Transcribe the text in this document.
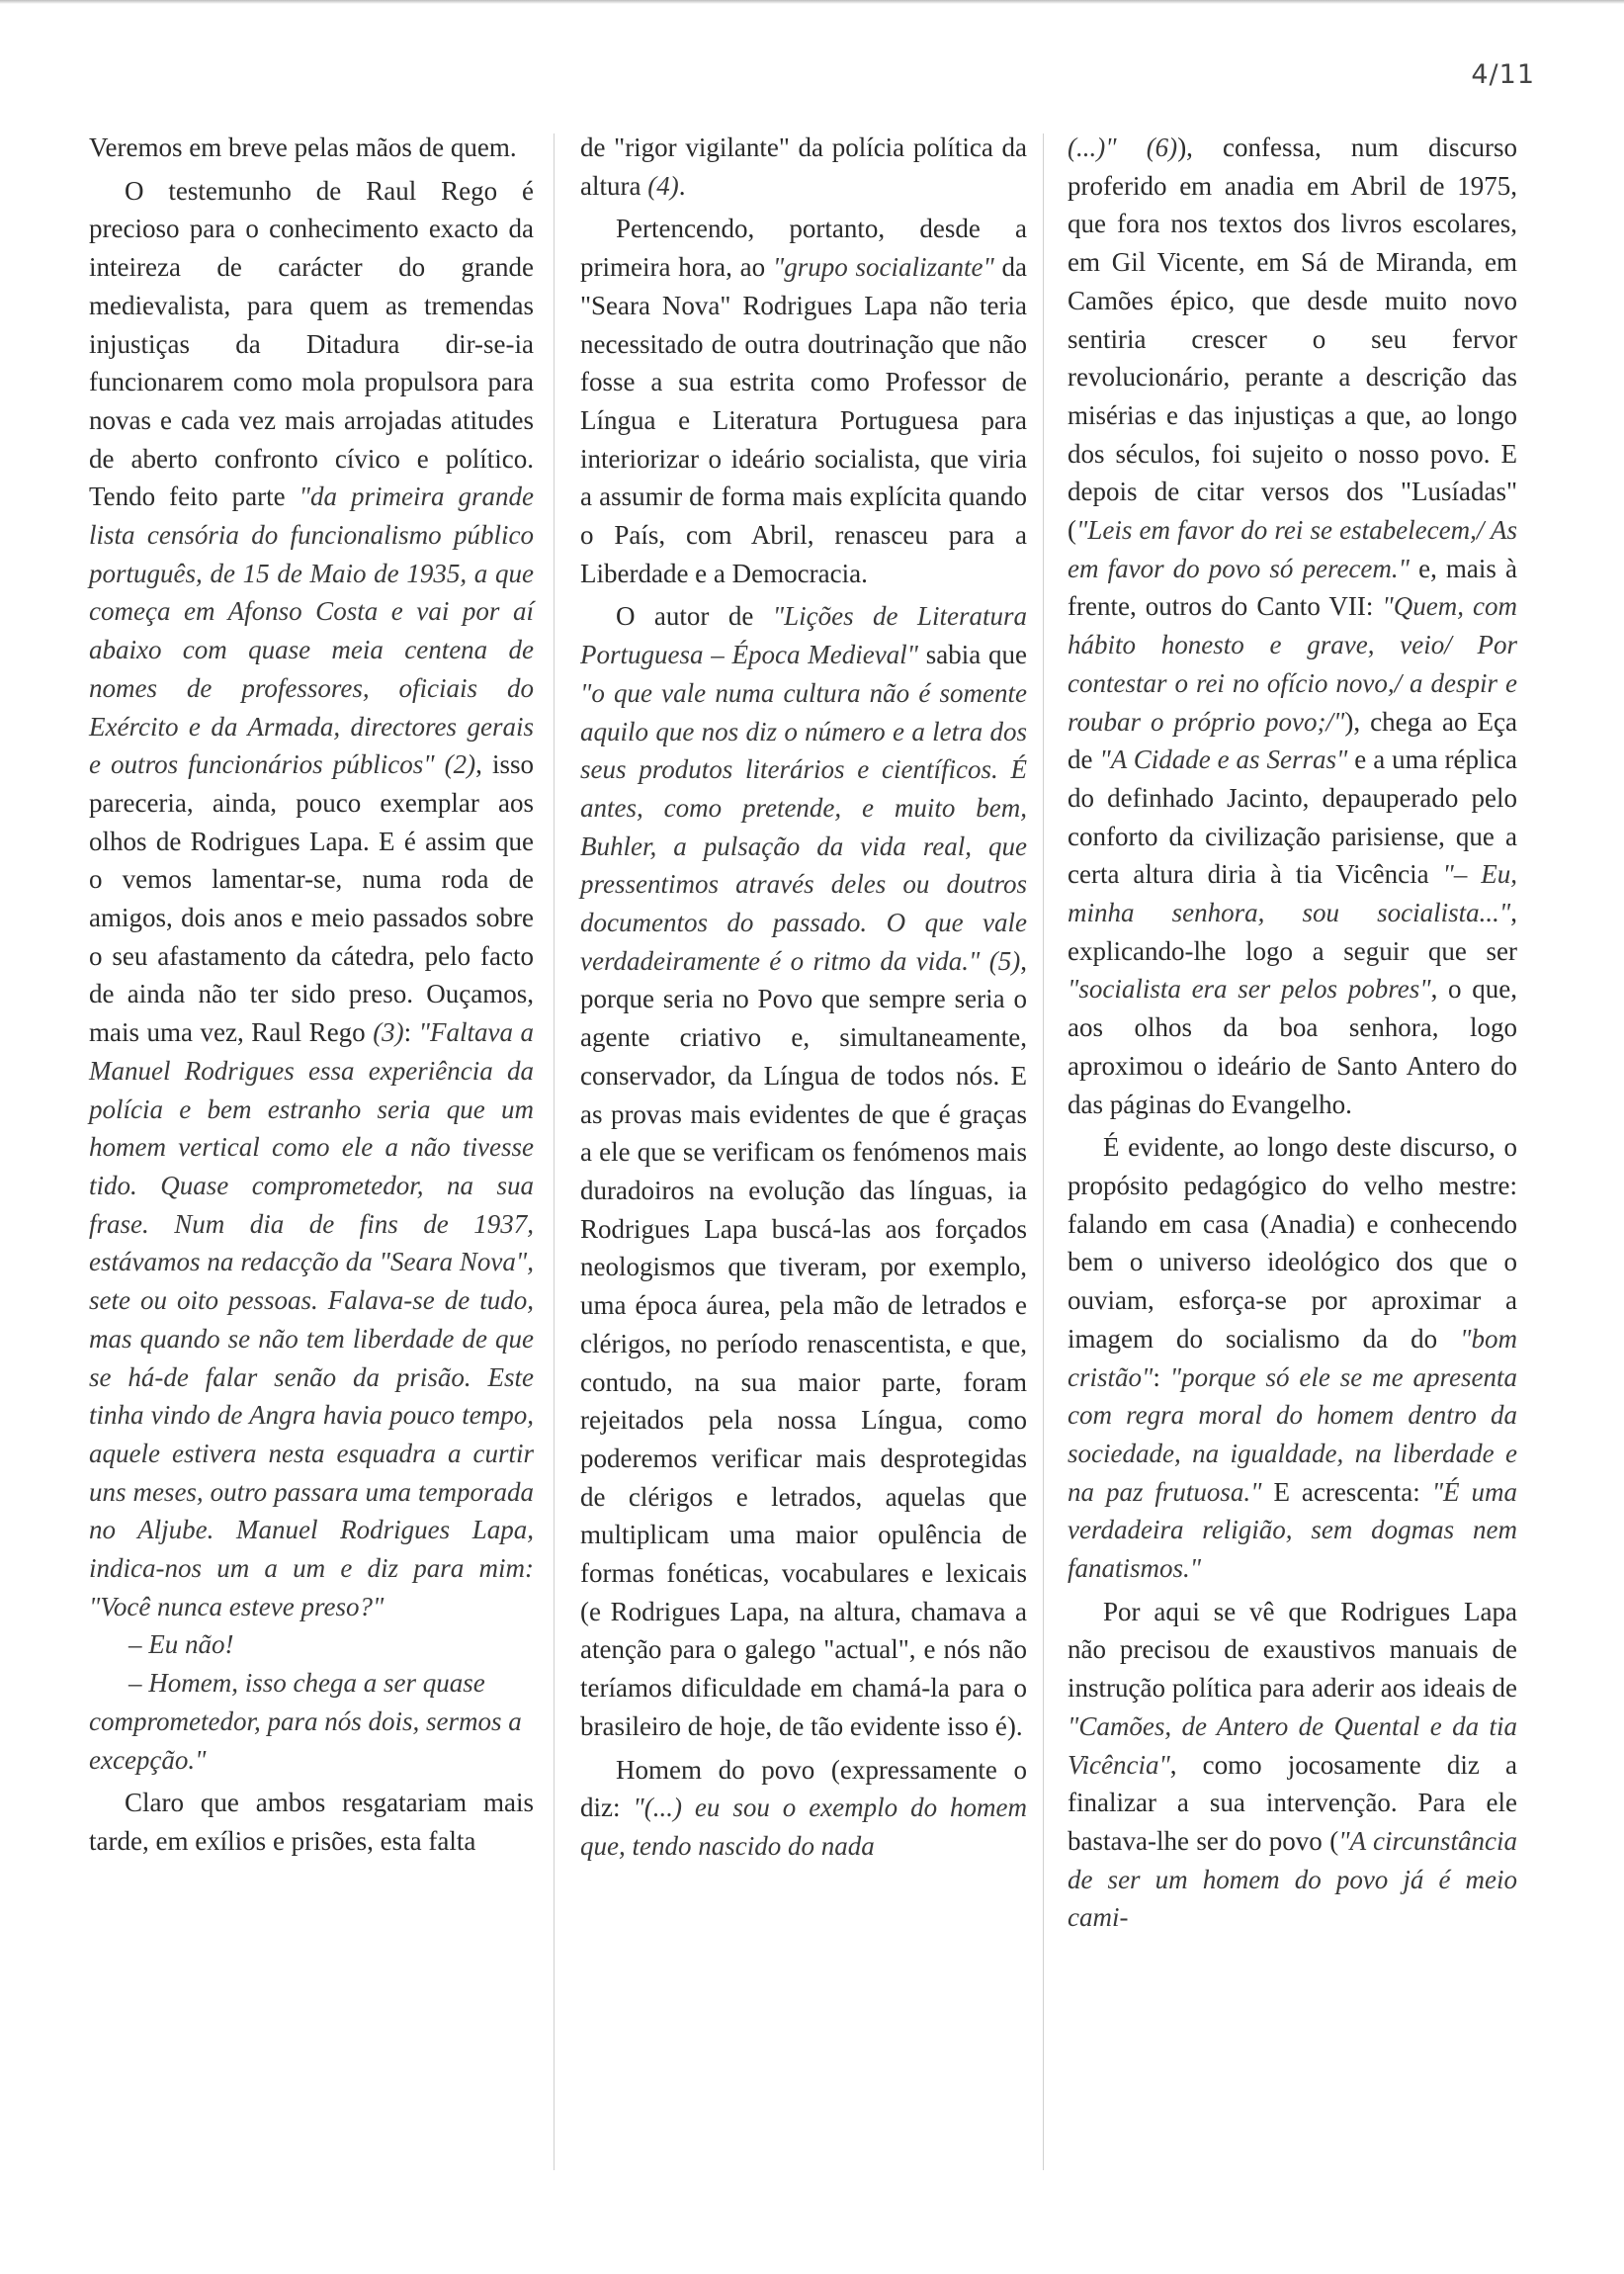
4/11

Veremos em breve pelas mãos de quem.

O testemunho de Raul Rego é precioso para o conhecimento exacto da inteireza de carácter do grande medievalista, para quem as tremendas injustiças da Ditadura dir-se-ia funcionarem como mola propulsora para novas e cada vez mais arrojadas atitudes de aberto confronto cívico e político. Tendo feito parte "da primeira grande lista censória do funcionalismo público português, de 15 de Maio de 1935, a que começa em Afonso Costa e vai por aí abaixo com quase meia centena de nomes de professores, oficiais do Exército e da Armada, directores gerais e outros funcionários públicos" (2), isso pareceria, ainda, pouco exemplar aos olhos de Rodrigues Lapa. E é assim que o vemos lamentar-se, numa roda de amigos, dois anos e meio passados sobre o seu afastamento da cátedra, pelo facto de ainda não ter sido preso. Ouçamos, mais uma vez, Raul Rego (3): "Faltava a Manuel Rodrigues essa experiência da polícia e bem estranho seria que um homem vertical como ele a não tivesse tido. Quase comprometedor, na sua frase. Num dia de fins de 1937, estávamos na redacção da "Seara Nova", sete ou oito pessoas. Falava-se de tudo, mas quando se não tem liberdade de que se há-de falar senão da prisão. Este tinha vindo de Angra havia pouco tempo, aquele estivera nesta esquadra a curtir uns meses, outro passara uma temporada no Aljube. Manuel Rodrigues Lapa, indica-nos um a um e diz para mim: "Você nunca esteve preso?"

– Eu não!

– Homem, isso chega a ser quase comprometedor, para nós dois, sermos a excepção."

Claro que ambos resgatariam mais tarde, em exílios e prisões, esta falta

de "rigor vigilante" da polícia política da altura (4).

Pertencendo, portanto, desde a primeira hora, ao "grupo socializante" da "Seara Nova" Rodrigues Lapa não teria necessitado de outra doutrinação que não fosse a sua estrita como Professor de Língua e Literatura Portuguesa para interiorizar o ideário socialista, que viria a assumir de forma mais explícita quando o País, com Abril, renasceu para a Liberdade e a Democracia.

O autor de "Lições de Literatura Portuguesa – Época Medieval" sabia que "o que vale numa cultura não é somente aquilo que nos diz o número e a letra dos seus produtos literários e científicos. É antes, como pretende, e muito bem, Buhler, a pulsação da vida real, que pressentimos através deles ou doutros documentos do passado. O que vale verdadeiramente é o ritmo da vida." (5), porque seria no Povo que sempre seria o agente criativo e, simultaneamente, conservador, da Língua de todos nós. E as provas mais evidentes de que é graças a ele que se verificam os fenómenos mais duradoiros na evolução das línguas, ia Rodrigues Lapa buscá-las aos forçados neologismos que tiveram, por exemplo, uma época áurea, pela mão de letrados e clérigos, no período renascentista, e que, contudo, na sua maior parte, foram rejeitados pela nossa Língua, como poderemos verificar mais desprotegidas de clérigos e letrados, aquelas que multiplicam uma maior opulência de formas fonéticas, vocabulares e lexicais (e Rodrigues Lapa, na altura, chamava a atenção para o galego "actual", e nós não teríamos dificuldade em chamá-la para o brasileiro de hoje, de tão evidente isso é).

Homem do povo (expressamente o diz: "(...) eu sou o exemplo do homem que, tendo nascido do nada

(...)" (6)), confessa, num discurso proferido em anadia em Abril de 1975, que fora nos textos dos livros escolares, em Gil Vicente, em Sá de Miranda, em Camões épico, que desde muito novo sentiria crescer o seu fervor revolucionário, perante a descrição das misérias e das injustiças a que, ao longo dos séculos, foi sujeito o nosso povo. E depois de citar versos dos "Lusíadas" ("Leis em favor do rei se estabelecem,/ As em favor do povo só perecem." e, mais à frente, outros do Canto VII: "Quem, com hábito honesto e grave, veio/ Por contestar o rei no ofício novo,/ a despir e roubar o próprio povo;/"), chega ao Eça de "A Cidade e as Serras" e a uma réplica do definhado Jacinto, depauperado pelo conforto da civilização parisiense, que a certa altura diria à tia Vicência "– Eu, minha senhora, sou socialista...", explicando-lhe logo a seguir que ser "socialista era ser pelos pobres", o que, aos olhos da boa senhora, logo aproximou o ideário de Santo Antero do das páginas do Evangelho.

É evidente, ao longo deste discurso, o propósito pedagógico do velho mestre: falando em casa (Anadia) e conhecendo bem o universo ideológico dos que o ouviam, esforça-se por aproximar a imagem do socialismo da do "bom cristão": "porque só ele se me apresenta com regra moral do homem dentro da sociedade, na igualdade, na liberdade e na paz frutuosa." E acrescenta: "É uma verdadeira religião, sem dogmas nem fanatismos."

Por aqui se vê que Rodrigues Lapa não precisou de exaustivos manuais de instrução política para aderir aos ideais de "Camões, de Antero de Quental e da tia Vicência", como jocosamente diz a finalizar a sua intervenção. Para ele bastava-lhe ser do povo ("A circunstância de ser um homem do povo já é meio cami-
